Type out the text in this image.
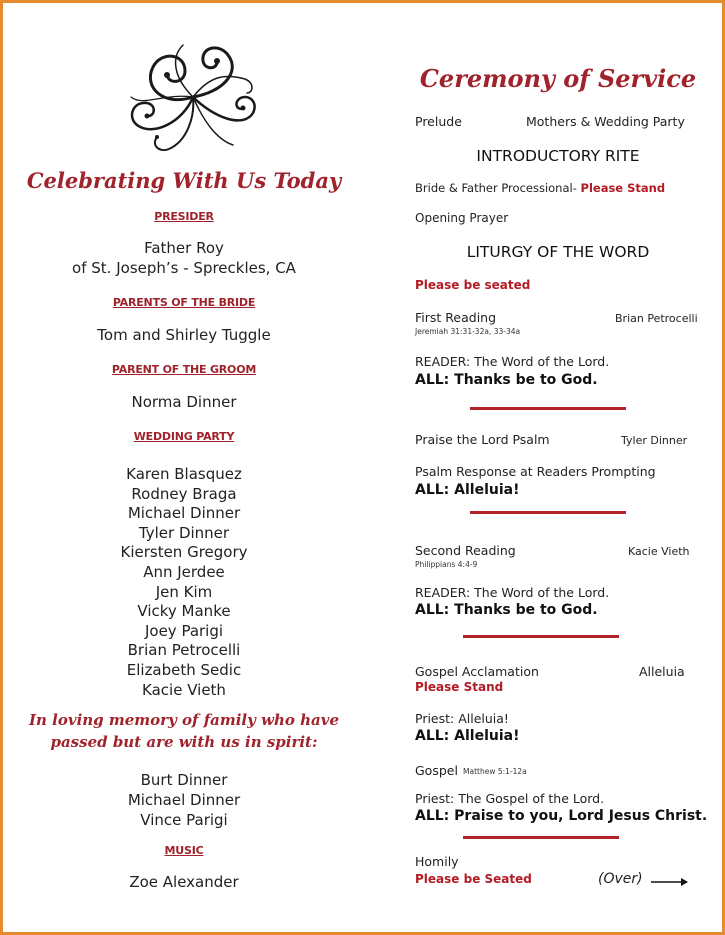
Celebrating With Us Today
PRESIDER
Father Roy
of St. Joseph’s - Spreckles, CA
PARENTS OF THE BRIDE
Tom and Shirley Tuggle
PARENT OF THE GROOM
Norma Dinner
WEDDING PARTY
Karen Blasquez
Rodney Braga
Michael Dinner
Tyler Dinner
Kiersten Gregory
Ann Jerdee
Jen Kim
Vicky Manke
Joey Parigi
Brian Petrocelli
Elizabeth Sedic
Kacie Vieth
In loving memory of family who have
passed but are with us in spirit:
Burt Dinner
Michael Dinner
Vince Parigi
MUSIC
Zoe Alexander
Ceremony of Service
Prelude	Mothers & Wedding Party
INTRODUCTORY RITE
Bride & Father Processional- Please Stand
Opening Prayer
LITURGY OF THE WORD
Please be seated
First Reading
Jeremiah 31:31-32a, 33-34a
Brian Petrocelli
READER: The Word of the Lord.
ALL: Thanks be to God.
Praise the Lord Psalm	Tyler Dinner
Psalm Response at Readers Prompting
ALL: Alleluia!
Second Reading
Philippians 4:4-9
Kacie Vieth
READER: The Word of the Lord.
ALL: Thanks be to God.
Gospel Acclamation	Alleluia
Please Stand
Priest: Alleluia!
ALL: Alleluia!
Gospel Matthew 5:1-12a
Priest: The Gospel of the Lord.
ALL: Praise to you, Lord Jesus Christ.
Homily
Please be Seated	(Over)
